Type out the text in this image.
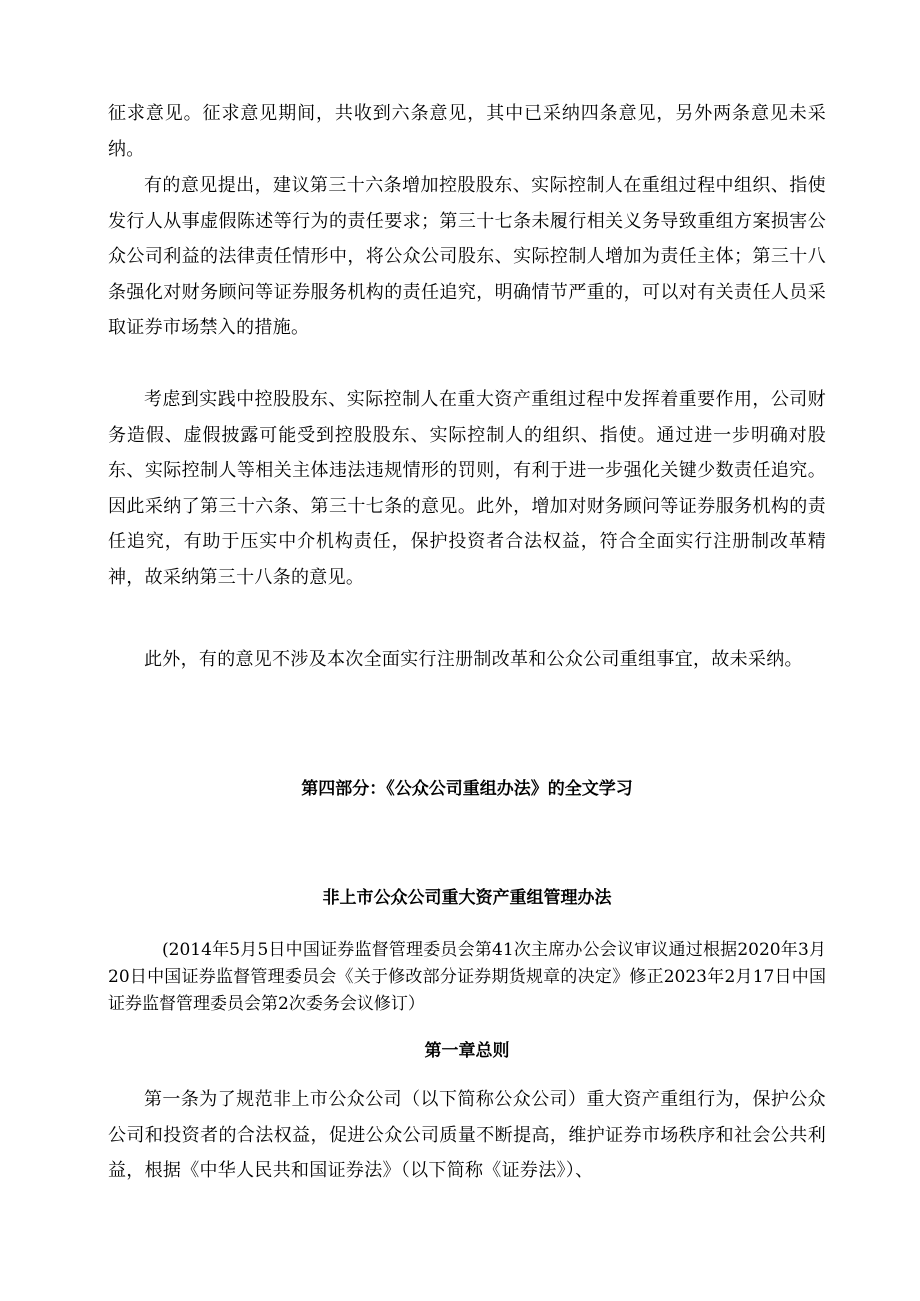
征求意见。征求意见期间，共收到六条意见，其中已采纳四条意见，另外两条意见未采纳。

有的意见提出，建议第三十六条增加控股股东、实际控制人在重组过程中组织、指使发行人从事虚假陈述等行为的责任要求；第三十七条未履行相关义务导致重组方案损害公众公司利益的法律责任情形中，将公众公司股东、实际控制人增加为责任主体；第三十八条强化对财务顾问等证券服务机构的责任追究，明确情节严重的，可以对有关责任人员采取证券市场禁入的措施。

考虑到实践中控股股东、实际控制人在重大资产重组过程中发挥着重要作用，公司财务造假、虚假披露可能受到控股股东、实际控制人的组织、指使。通过进一步明确对股东、实际控制人等相关主体违法违规情形的罚则，有利于进一步强化关键少数责任追究。因此采纳了第三十六条、第三十七条的意见。此外，增加对财务顾问等证券服务机构的责任追究，有助于压实中介机构责任，保护投资者合法权益，符合全面实行注册制改革精神，故采纳第三十八条的意见。

此外，有的意见不涉及本次全面实行注册制改革和公众公司重组事宜，故未采纳。

第四部分：《公众公司重组办法》的全文学习
非上市公众公司重大资产重组管理办法

(2014年5月5日中国证券监督管理委员会第41次主席办公会议审议通过根据2020年3月20日中国证券监督管理委员会《关于修改部分证券期货规章的决定》修正2023年2月17日中国证券监督管理委员会第2次委务会议修订）

第一章总则

第一条为了规范非上市公众公司（以下简称公众公司）重大资产重组行为，保护公众公司和投资者的合法权益，促进公众公司质量不断提高，维护证券市场秩序和社会公共利益，根据《中华人民共和国证券法》（以下简称《证券法》）、
